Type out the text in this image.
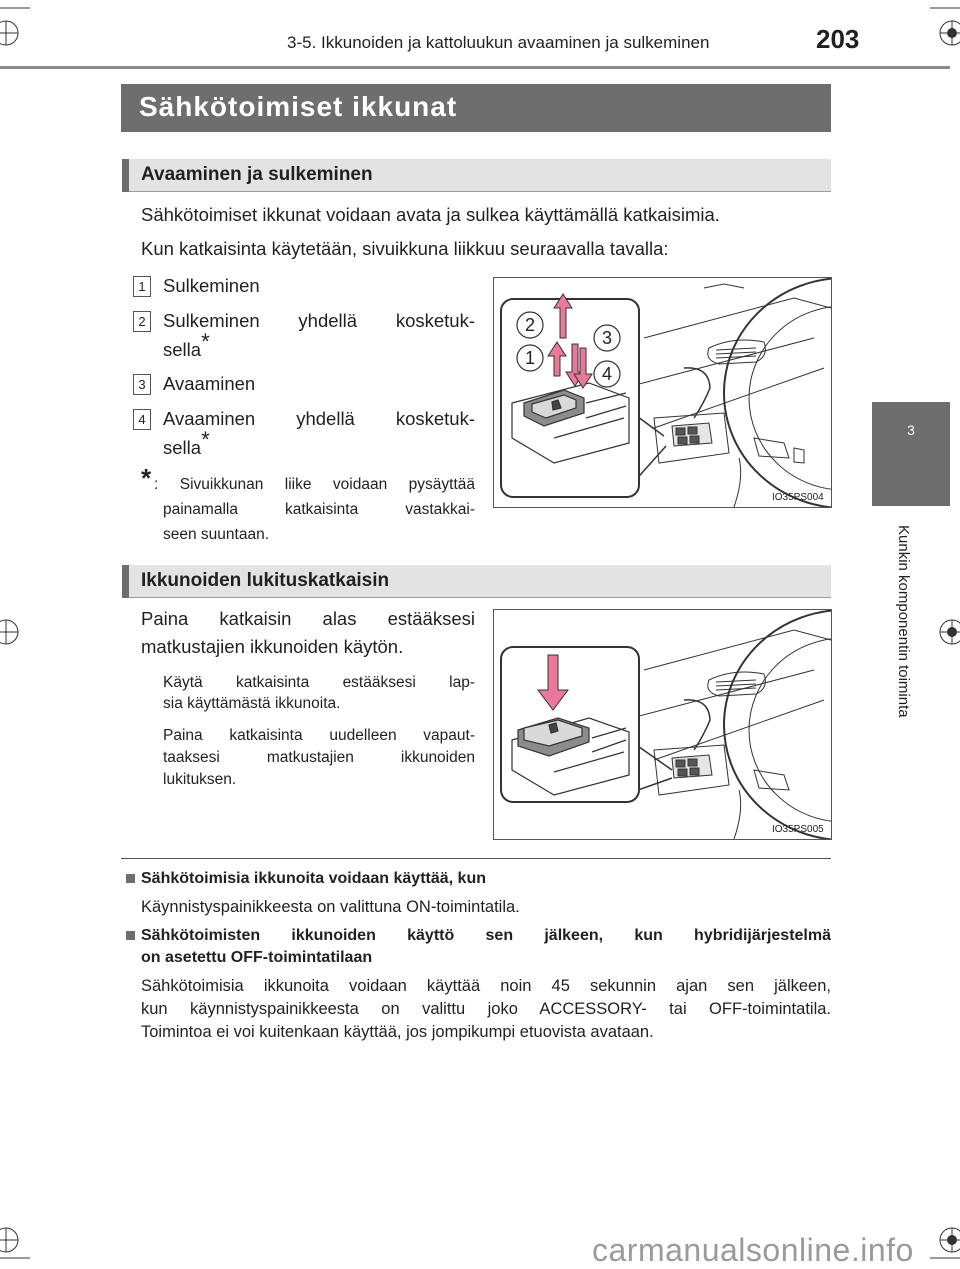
3-5. Ikkunoiden ja kattoluukun avaaminen ja sulkeminen	203
3
Kunkin komponentin toiminta
Sähkötoimiset ikkunat
Avaaminen ja sulkeminen
Sähkötoimiset ikkunat voidaan avata ja sulkea käyttämällä katkaisimia.
Kun katkaisinta käytetään, sivuikkuna liikkuu seuraavalla tavalla:
1 Sulkeminen
2 Sulkeminen yhdellä kosketuk-
sella*
3 Avaaminen
4 Avaaminen yhdellä kosketuk-
sella*
* : Sivuikkunan liike voidaan pysäyttää
painamalla katkaisinta vastakkai-
seen suuntaan.
2
3
1
4
IO35PS004
Ikkunoiden lukituskatkaisin
Paina katkaisin alas estääksesi
matkustajien ikkunoiden käytön.
Käytä katkaisinta estääksesi lap-
sia käyttämästä ikkunoita.
Paina katkaisinta uudelleen vapaut-
taaksesi matkustajien ikkunoiden
lukituksen.
IO35PS005
Sähkötoimisia ikkunoita voidaan käyttää, kun
Käynnistyspainikkeesta on valittuna ON-toimintatila.
Sähkötoimisten ikkunoiden käyttö sen jälkeen, kun hybridijärjestelmä
on asetettu OFF-toimintatilaan
Sähkötoimisia ikkunoita voidaan käyttää noin 45 sekunnin ajan sen jälkeen,
kun käynnistyspainikkeesta on valittu joko ACCESSORY- tai OFF-toimintatila.
Toimintoa ei voi kuitenkaan käyttää, jos jompikumpi etuovista avataan.
carmanualsonline.info
